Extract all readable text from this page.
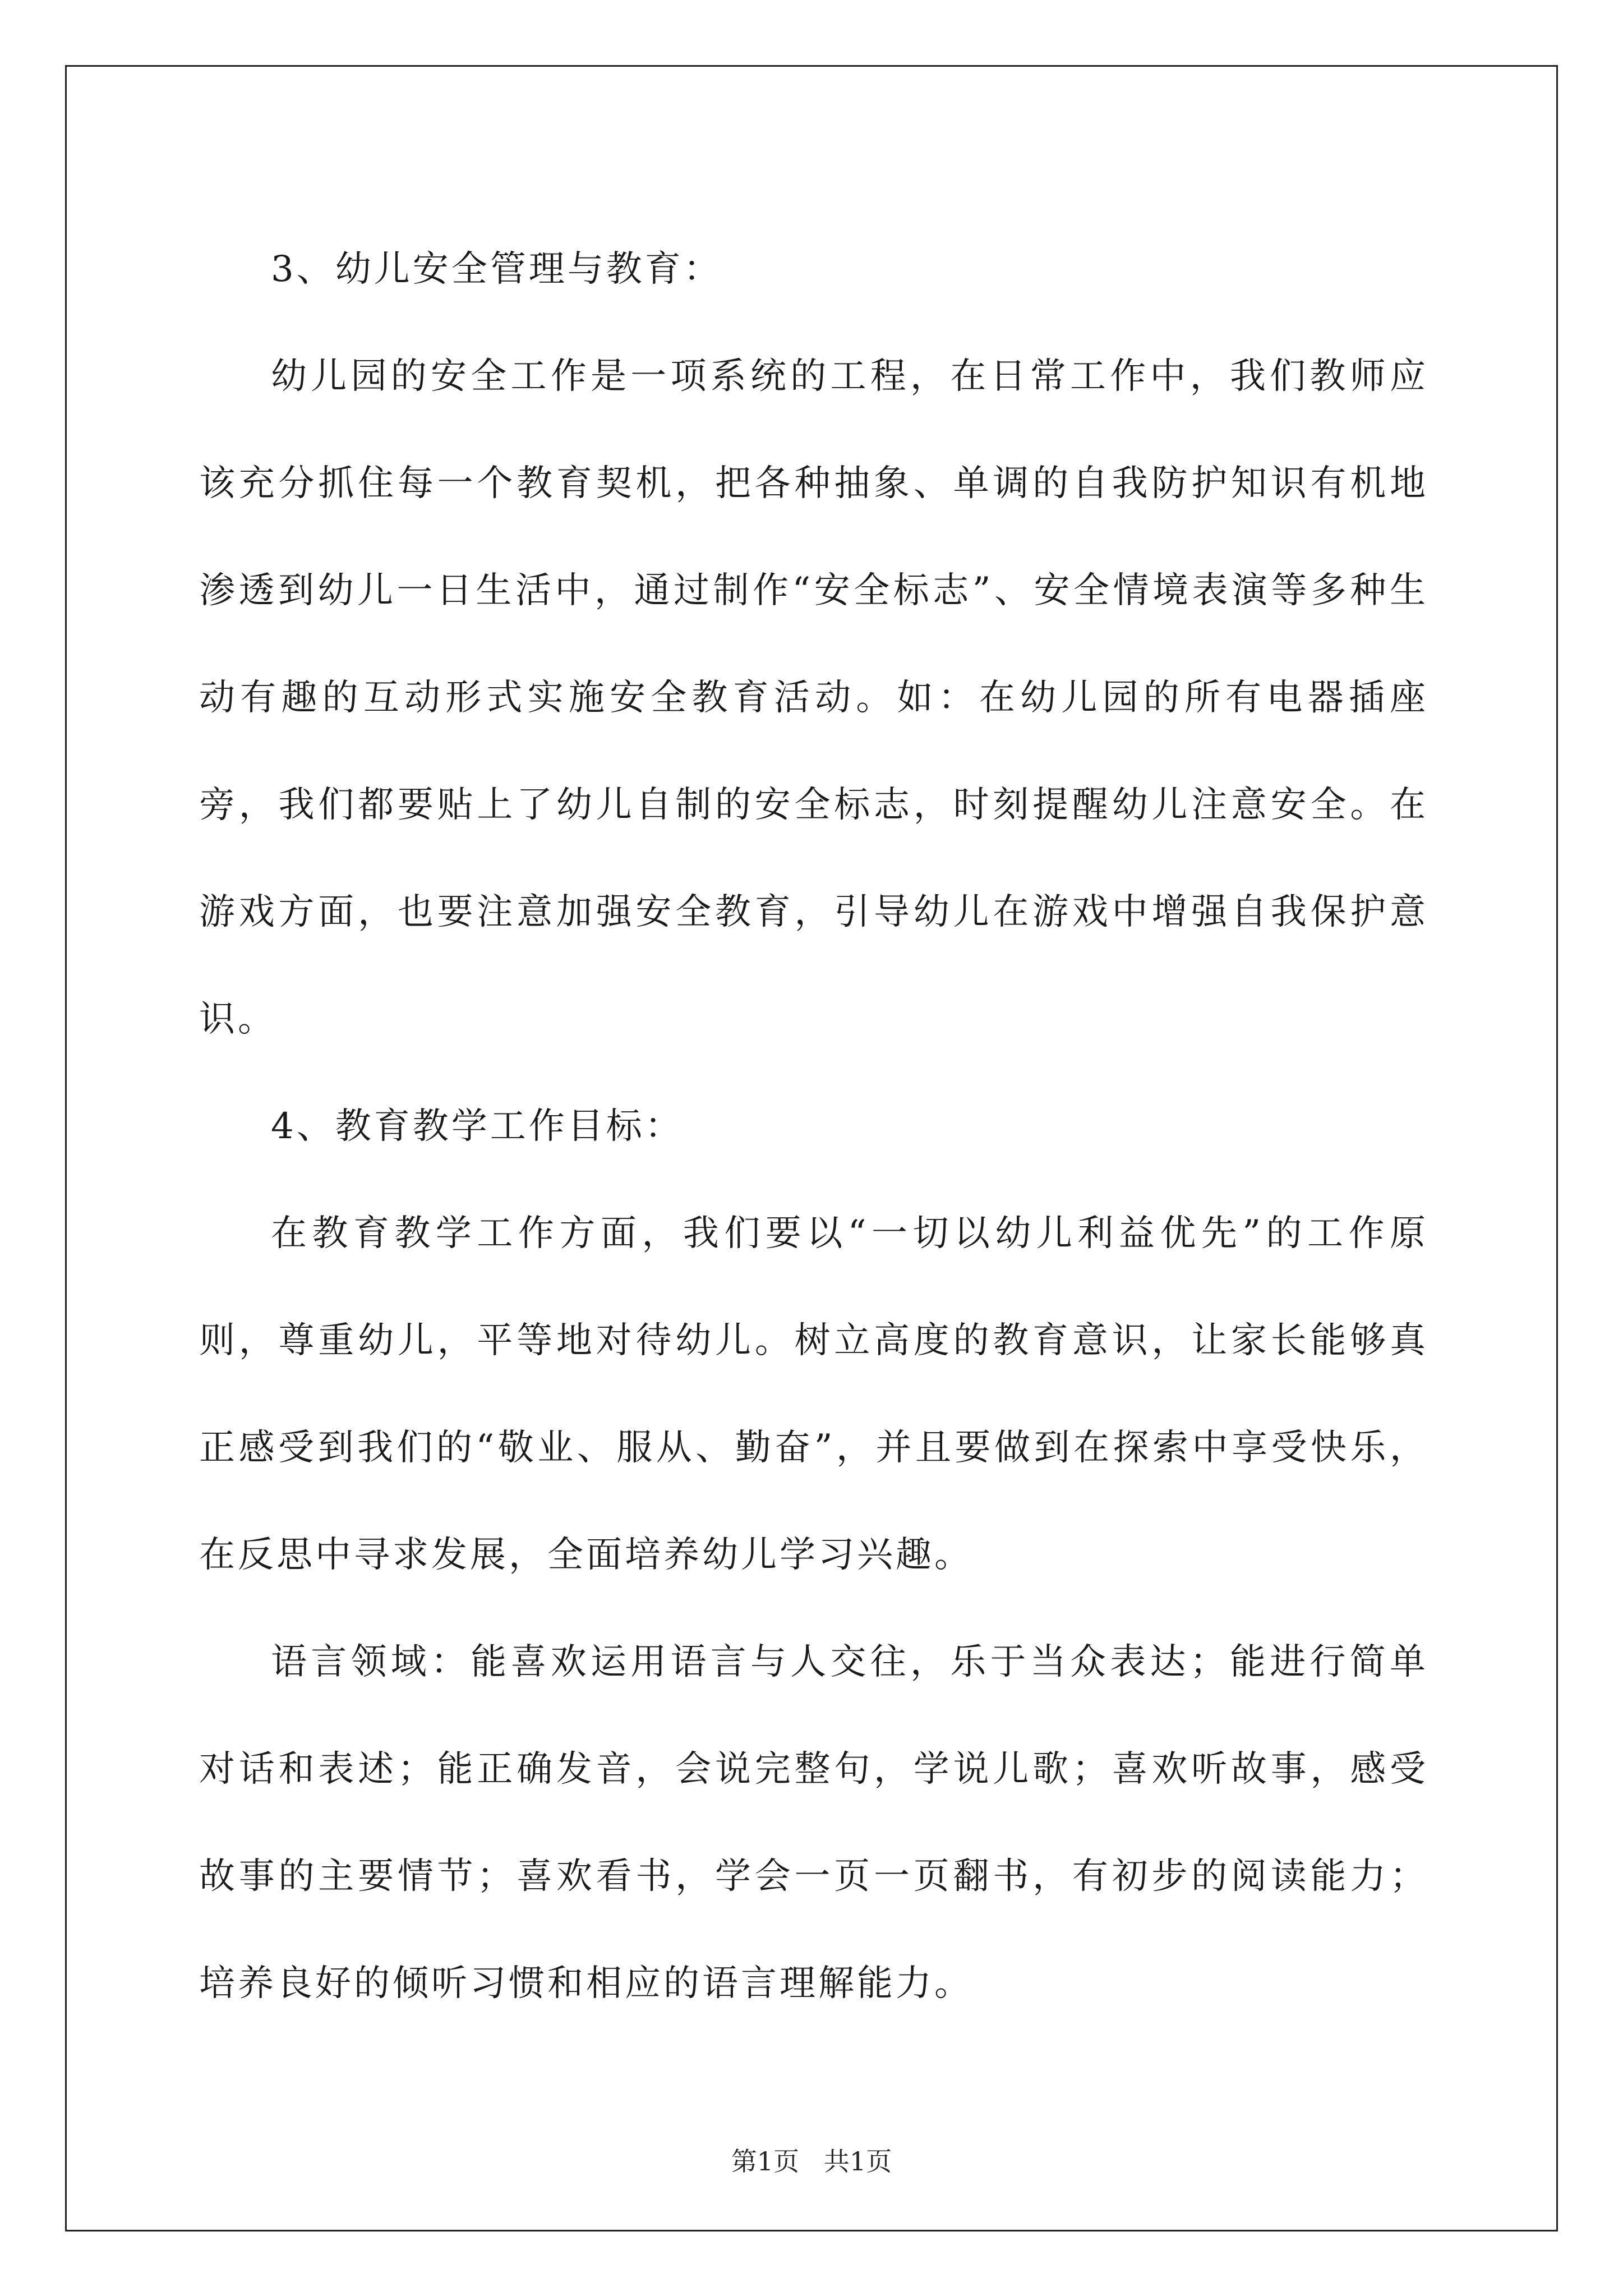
3、幼儿安全管理与教育：

幼儿园的安全工作是一项系统的工程，在日常工作中，我们教师应该充分抓住每一个教育契机，把各种抽象、单调的自我防护知识有机地渗透到幼儿一日生活中，通过制作“安全标志”、安全情境表演等多种生动有趣的互动形式实施安全教育活动。如：在幼儿园的所有电器插座旁，我们都要贴上了幼儿自制的安全标志，时刻提醒幼儿注意安全。在游戏方面，也要注意加强安全教育，引导幼儿在游戏中增强自我保护意识。

4、教育教学工作目标：

在教育教学工作方面，我们要以“一切以幼儿利益优先”的工作原则，尊重幼儿，平等地对待幼儿。树立高度的教育意识，让家长能够真正感受到我们的“敬业、服从、勤奋”，并且要做到在探索中享受快乐，在反思中寻求发展，全面培养幼儿学习兴趣。

语言领域：能喜欢运用语言与人交往，乐于当众表达；能进行简单对话和表述；能正确发音，会说完整句，学说儿歌；喜欢听故事，感受故事的主要情节；喜欢看书，学会一页一页翻书，有初步的阅读能力；培养良好的倾听习惯和相应的语言理解能力。

第1页   共1页
